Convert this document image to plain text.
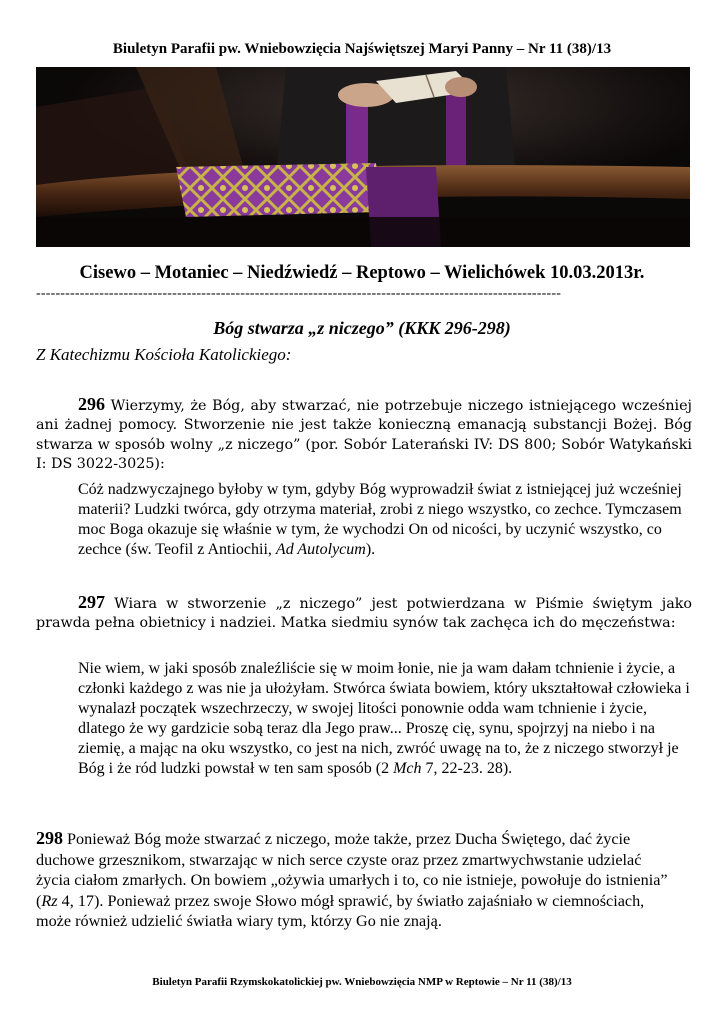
Biuletyn Parafii pw. Wniebowzięcia Najświętszej Maryi Panny – Nr 11 (38)/13
Cisewo – Motaniec – Niedźwiedź – Reptowo – Wielichówek 10.03.2013r.
------------------------------------------------------------------------------------------------------------
Bóg stwarza „z niczego” (KKK 296-298)
Z Katechizmu Kościoła Katolickiego:

296 Wierzymy, że Bóg, aby stwarzać, nie potrzebuje niczego istniejącego wcześniej ani żadnej pomocy. Stworzenie nie jest także konieczną emanacją substancji Bożej. Bóg stwarza w sposób wolny „z niczego” (por. Sobór Laterański IV: DS 800; Sobór Watykański I: DS 3022-3025):

Cóż nadzwyczajnego byłoby w tym, gdyby Bóg wyprowadził świat z istniejącej już wcześniej materii? Ludzki twórca, gdy otrzyma materiał, zrobi z niego wszystko, co zechce. Tymczasem moc Boga okazuje się właśnie w tym, że wychodzi On od nicości, by uczynić wszystko, co zechce (św. Teofil z Antiochii, Ad Autolycum).

297 Wiara w stworzenie „z niczego” jest potwierdzana w Piśmie świętym jako prawda pełna obietnicy i nadziei. Matka siedmiu synów tak zachęca ich do męczeństwa:

Nie wiem, w jaki sposób znaleźliście się w moim łonie, nie ja wam dałam tchnienie i życie, a członki każdego z was nie ja ułożyłam. Stwórca świata bowiem, który ukształtował człowieka i wynalazł początek wszechrzeczy, w swojej litości ponownie odda wam tchnienie i życie, dlatego że wy gardzicie sobą teraz dla Jego praw... Proszę cię, synu, spojrzyj na niebo i na ziemię, a mając na oku wszystko, co jest na nich, zwróć uwagę na to, że z niczego stworzył je Bóg i że ród ludzki powstał w ten sam sposób (2 Mch 7, 22-23. 28).

298 Ponieważ Bóg może stwarzać z niczego, może także, przez Ducha Świętego, dać życie duchowe grzesznikom, stwarzając w nich serce czyste oraz przez zmartwychwstanie udzielać życia ciałom zmarłych. On bowiem „ożywia umarłych i to, co nie istnieje, powołuje do istnienia” (Rz 4, 17). Ponieważ przez swoje Słowo mógł sprawić, by światło zajaśniało w ciemnościach, może również udzielić światła wiary tym, którzy Go nie znają.

Biuletyn Parafii Rzymskokatolickiej pw. Wniebowzięcia NMP w Reptowie – Nr 11 (38)/13
